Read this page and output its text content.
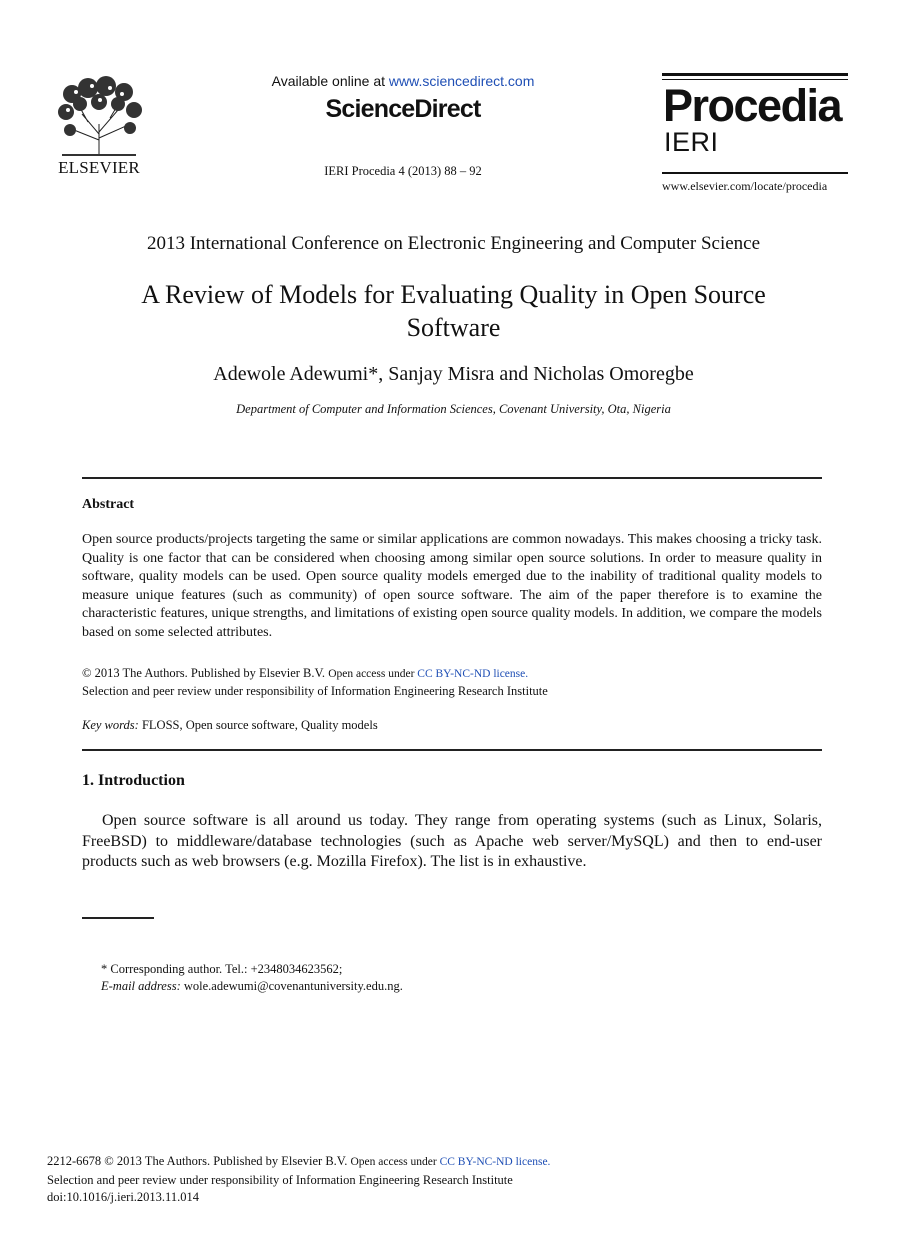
ELSEVIER
Available online at www.sciencedirect.com
ScienceDirect
IERI Procedia 4 (2013) 88 – 92
Procedia
IERI
www.elsevier.com/locate/procedia
2013 International Conference on Electronic Engineering and Computer Science
A Review of Models for Evaluating Quality in Open Source
Software
Adewole Adewumi*, Sanjay Misra and Nicholas Omoregbe
Department of Computer and Information Sciences, Covenant University, Ota, Nigeria
Abstract
Open source products/projects targeting the same or similar applications are common nowadays. This makes choosing a tricky task. Quality is one factor that can be considered when choosing among similar open source solutions. In order to measure quality in software, quality models can be used. Open source quality models emerged due to the inability of traditional quality models to measure unique features (such as community) of open source software. The aim of the paper therefore is to examine the characteristic features, unique strengths, and limitations of existing open source quality models. In addition, we compare the models based on some selected attributes.
© 2013 The Authors. Published by Elsevier B.V. Open access under CC BY-NC-ND license.
Selection and peer review under responsibility of Information Engineering Research Institute
Key words: FLOSS, Open source software, Quality models
1. Introduction
Open source software is all around us today. They range from operating systems (such as Linux, Solaris, FreeBSD) to middleware/database technologies (such as Apache web server/MySQL) and then to end-user products such as web browsers (e.g. Mozilla Firefox). The list is in exhaustive.
* Corresponding author. Tel.: +2348034623562;
E-mail address: wole.adewumi@covenantuniversity.edu.ng.
2212-6678 © 2013 The Authors. Published by Elsevier B.V. Open access under CC BY-NC-ND license.
Selection and peer review under responsibility of Information Engineering Research Institute
doi:10.1016/j.ieri.2013.11.014
